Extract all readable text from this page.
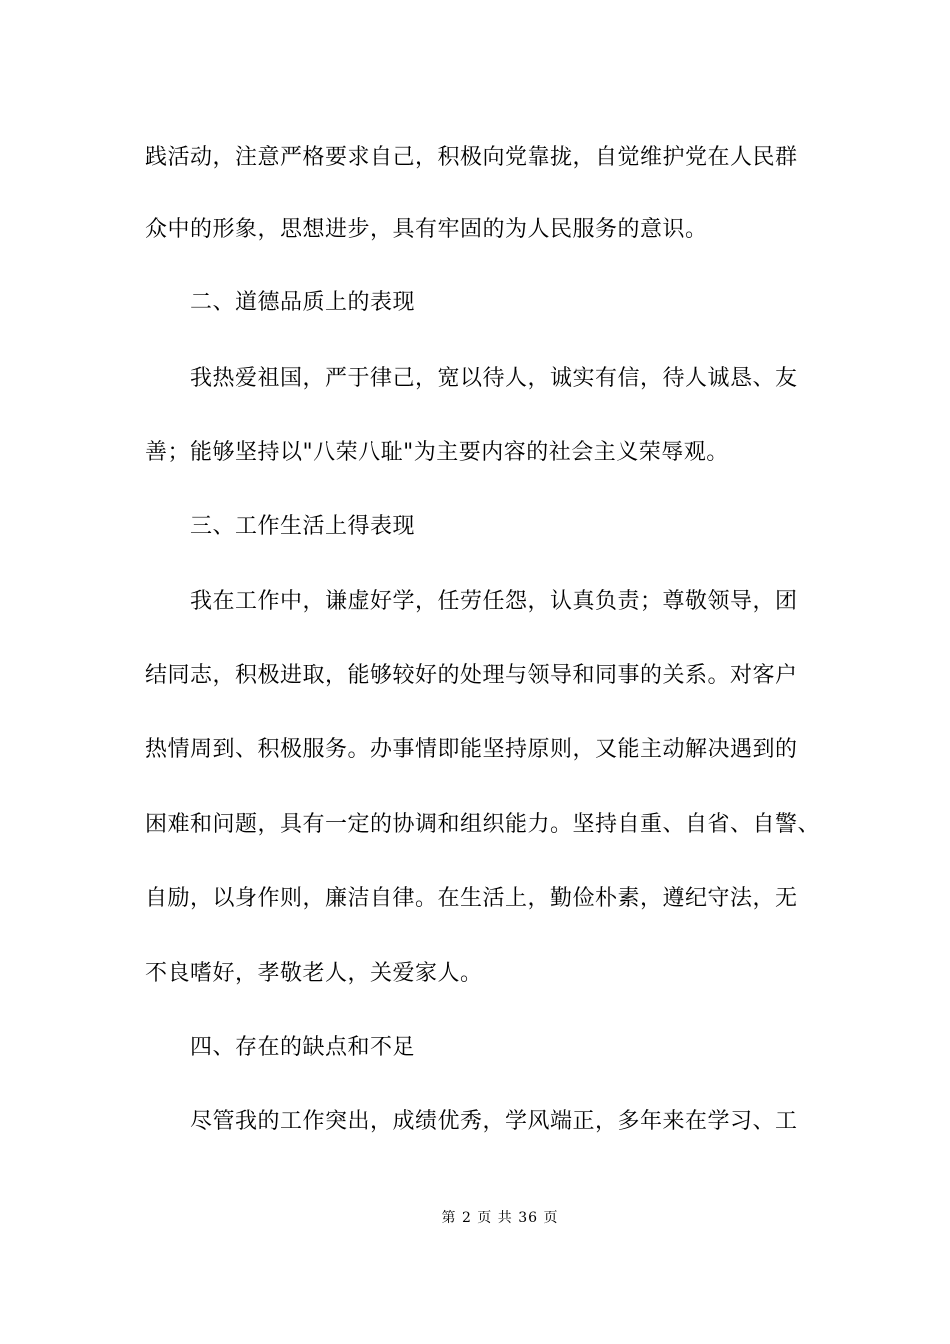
践活动，注意严格要求自己，积极向党靠拢，自觉维护党在人民群
众中的形象，思想进步，具有牢固的为人民服务的意识。
二、道德品质上的表现
我热爱祖国，严于律己，宽以待人，诚实有信，待人诚恳、友
善；能够坚持以"八荣八耻"为主要内容的社会主义荣辱观。
三、工作生活上得表现
我在工作中，谦虚好学，任劳任怨，认真负责；尊敬领导，团
结同志，积极进取，能够较好的处理与领导和同事的关系。对客户
热情周到、积极服务。办事情即能坚持原则，又能主动解决遇到的
困难和问题，具有一定的协调和组织能力。坚持自重、自省、自警、
自励，以身作则，廉洁自律。在生活上，勤俭朴素，遵纪守法，无
不良嗜好，孝敬老人，关爱家人。
四、存在的缺点和不足
尽管我的工作突出，成绩优秀，学风端正，多年来在学习、工
第 2 页 共 36 页
